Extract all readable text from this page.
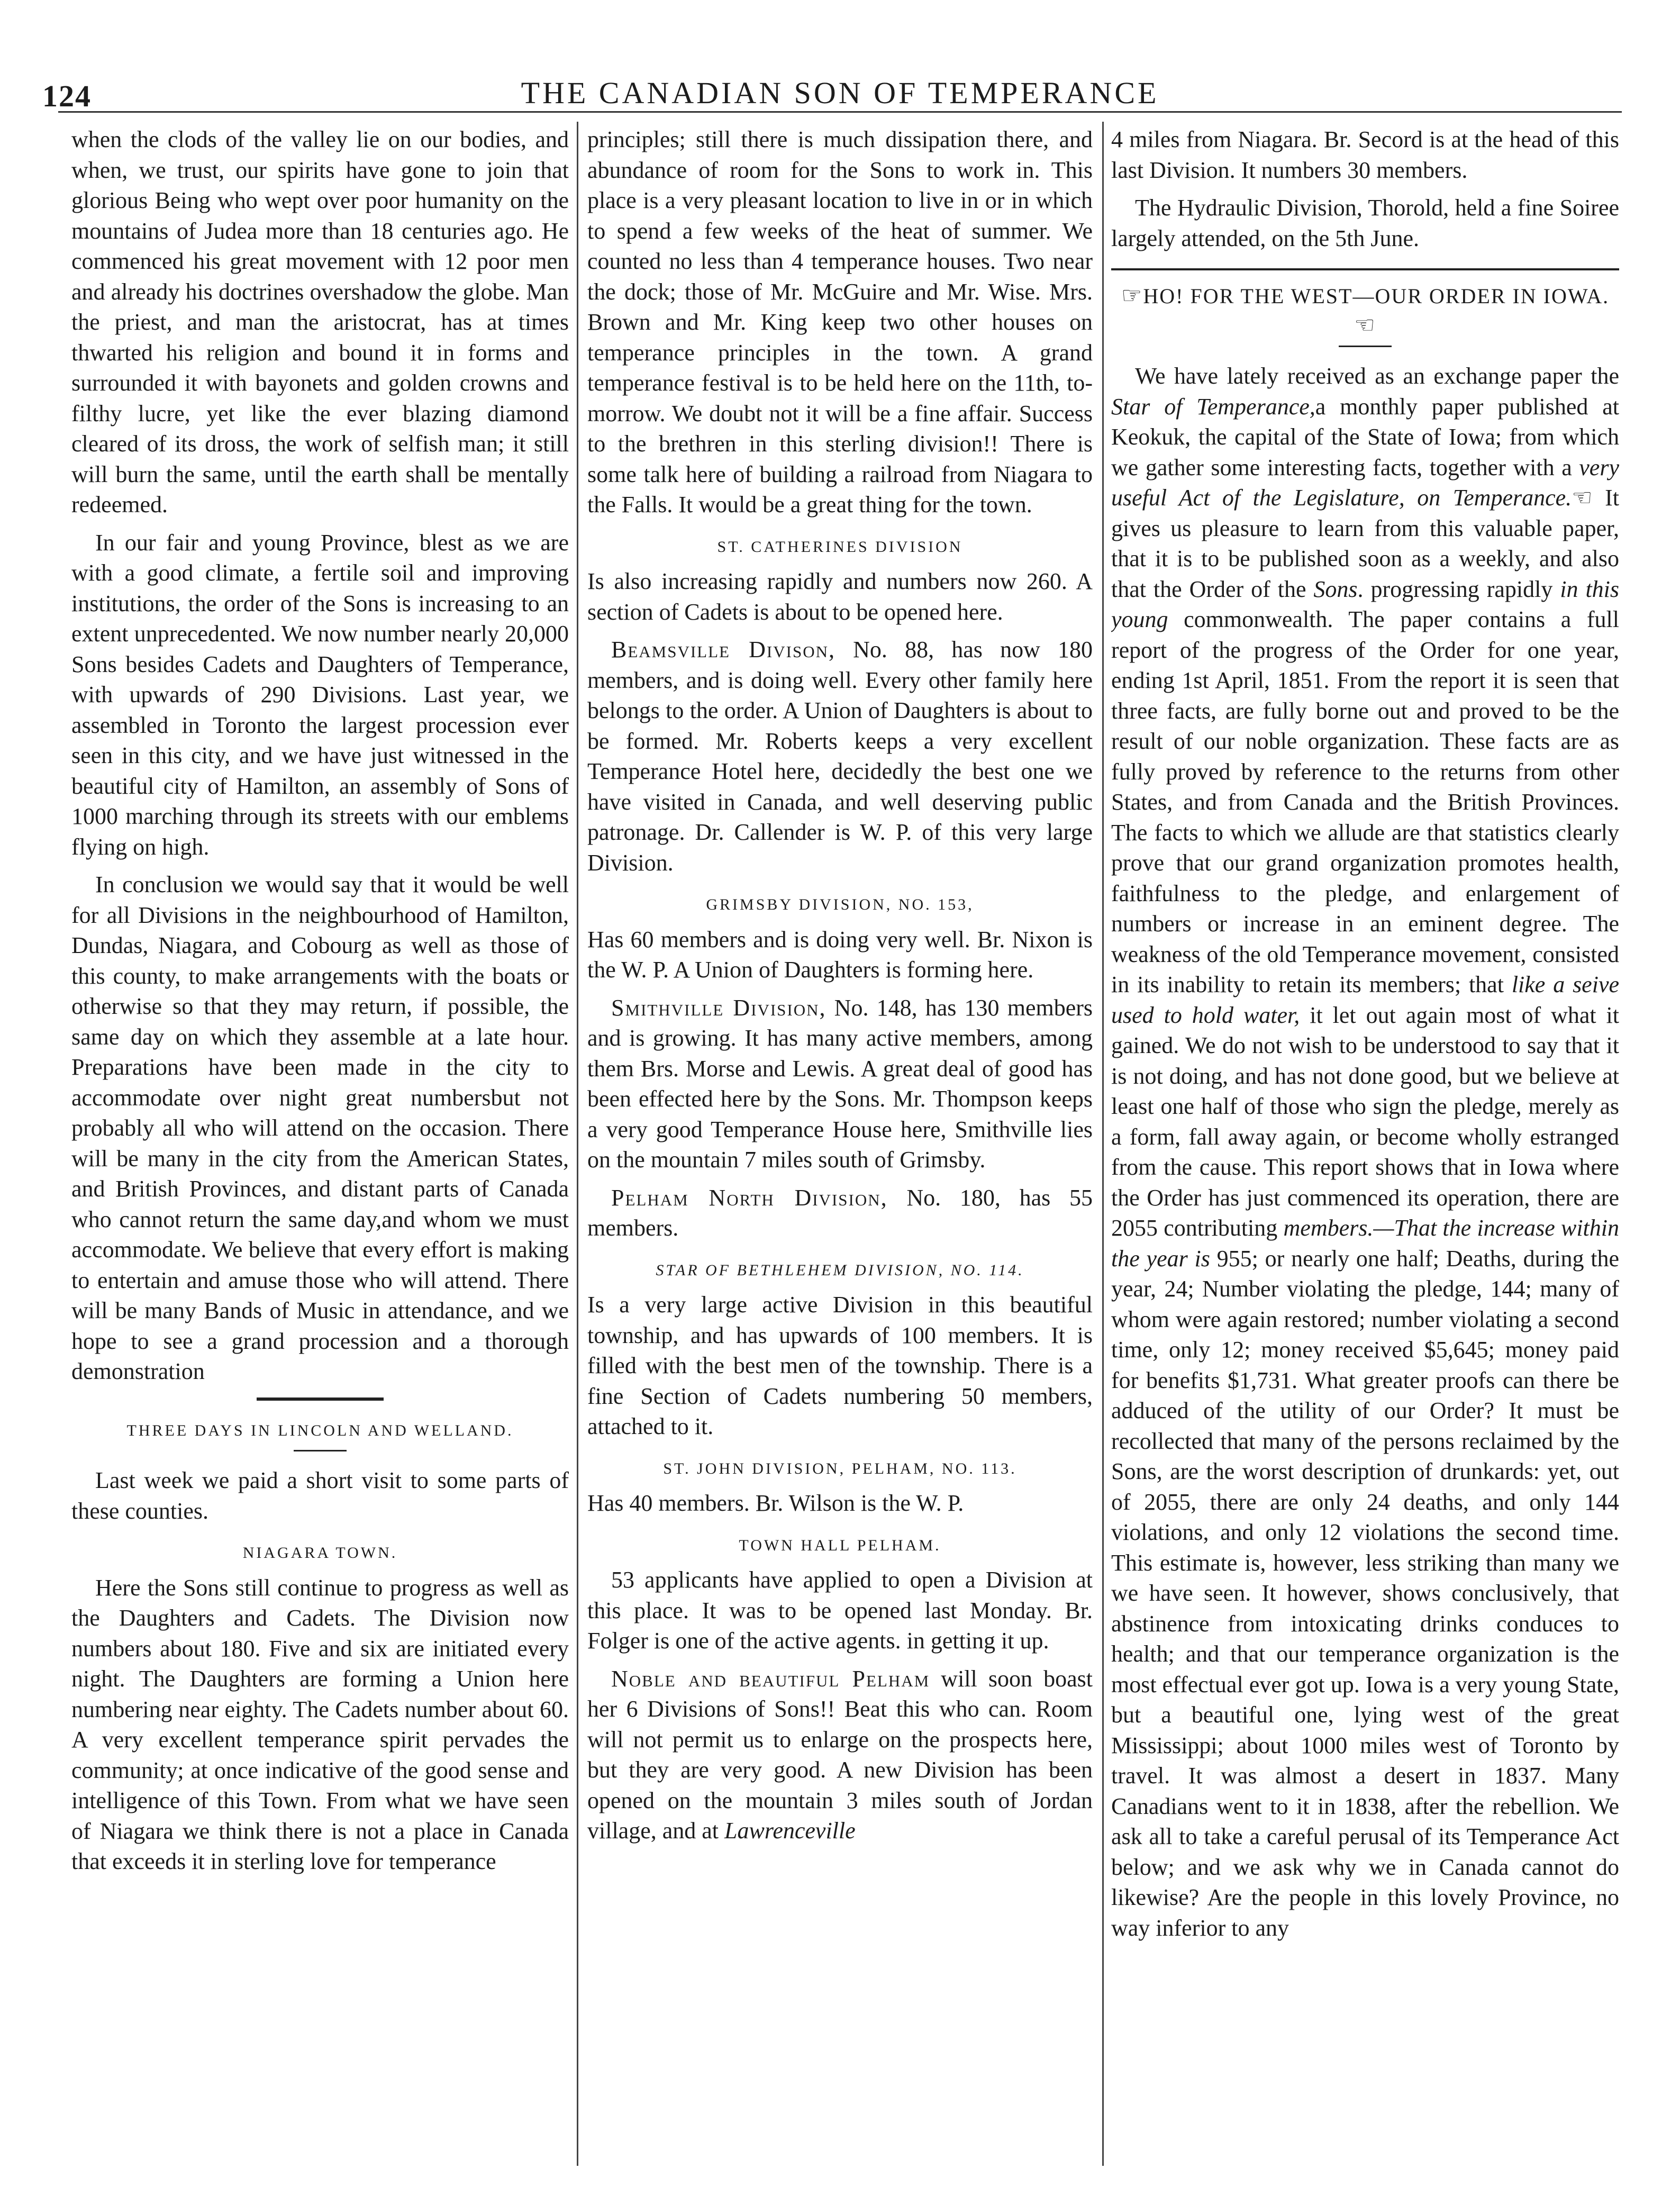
124	THE CANADIAN SON OF TEMPERANCE

when the clods of the valley lie on our bodies, and when, we trust, our spirits have gone to join that glorious Being who wept over poor humanity on the mountains of Judea more than 18 centuries ago. He commenced his great movement with 12 poor men and already his doctrines overshadow the globe. Man the priest, and man the aristocrat, has at times thwarted his religion and bound it in forms and surrounded it with bayonets and golden crowns and filthy lucre, yet like the ever blazing diamond cleared of its dross, the work of selfish man; it still will burn the same, until the earth shall be mentally redeemed.

In our fair and young Province, blest as we are with a good climate, a fertile soil and improving institutions, the order of the Sons is increasing to an extent unprecedented. We now number nearly 20,000 Sons besides Cadets and Daughters of Temperance, with upwards of 290 Divisions. Last year, we assembled in Toronto the largest procession ever seen in this city, and we have just witnessed in the beautiful city of Hamilton, an assembly of Sons of 1000 marching through its streets with our emblems flying on high.

In conclusion we would say that it would be well for all Divisions in the neighbourhood of Hamilton, Dundas, Niagara, and Cobourg as well as those of this county, to make arrangements with the boats or otherwise so that they may return, if possible, the same day on which they assemble at a late hour. Preparations have been made in the city to accommodate over night great numbersbut not probably all who will attend on the occasion. There will be many in the city from the American States, and British Provinces, and distant parts of Canada who cannot return the same day,and whom we must accommodate. We believe that every effort is making to entertain and amuse those who will attend. There will be many Bands of Music in attendance, and we hope to see a grand procession and a thorough demonstration

THREE DAYS IN LINCOLN AND WELLAND.

Last week we paid a short visit to some parts of these counties.

NIAGARA TOWN.

Here the Sons still continue to progress as well as the Daughters and Cadets. The Division now numbers about 180. Five and six are initiated every night. The Daughters are forming a Union here numbering near eighty. The Cadets number about 60. A very excellent temperance spirit pervades the community; at once indicative of the good sense and intelligence of this Town. From what we have seen of Niagara we think there is not a place in Canada that exceeds it in sterling love for temperance

principles; still there is much dissipation there, and abundance of room for the Sons to work in. This place is a very pleasant location to live in or in which to spend a few weeks of the heat of summer. We counted no less than 4 temperance houses. Two near the dock; those of Mr. McGuire and Mr. Wise. Mrs. Brown and Mr. King keep two other houses on temperance principles in the town. A grand temperance festival is to be held here on the 11th, to-morrow. We doubt not it will be a fine affair. Success to the brethren in this sterling division!! There is some talk here of building a railroad from Niagara to the Falls. It would be a great thing for the town.

ST. CATHERINES DIVISION

Is also increasing rapidly and numbers now 260. A section of Cadets is about to be opened here.

Beamsville Divison, No. 88, has now 180 members, and is doing well. Every other family here belongs to the order. A Union of Daughters is about to be formed. Mr. Roberts keeps a very excellent Temperance Hotel here, decidedly the best one we have visited in Canada, and well deserving public patronage. Dr. Callender is W. P. of this very large Division.

GRIMSBY DIVISION, NO. 153,

Has 60 members and is doing very well. Br. Nixon is the W. P. A Union of Daughters is forming here.

Smithville Division, No. 148, has 130 members and is growing. It has many active members, among them Brs. Morse and Lewis. A great deal of good has been effected here by the Sons. Mr. Thompson keeps a very good Temperance House here, Smithville lies on the mountain 7 miles south of Grimsby.

Pelham North Division, No. 180, has 55 members.

STAR OF BETHLEHEM DIVISION, NO. 114.

Is a very large active Division in this beautiful township, and has upwards of 100 members. It is filled with the best men of the township. There is a fine Section of Cadets numbering 50 members, attached to it.

ST. JOHN DIVISION, PELHAM, NO. 113.

Has 40 members. Br. Wilson is the W. P.

TOWN HALL PELHAM.

53 applicants have applied to open a Division at this place. It was to be opened last Monday. Br. Folger is one of the active agents. in getting it up.

Noble and beautiful Pelham will soon boast her 6 Divisions of Sons!! Beat this who can. Room will not permit us to enlarge on the prospects here, but they are very good. A new Division has been opened on the mountain 3 miles south of Jordan village, and at Lawrenceville

4 miles from Niagara. Br. Secord is at the head of this last Division. It numbers 30 members.

The Hydraulic Division, Thorold, held a fine Soiree largely attended, on the 5th June.

☞HO! FOR THE WEST—OUR ORDER IN IOWA.☜

We have lately received as an exchange paper the Star of Temperance,a monthly paper published at Keokuk, the capital of the State of Iowa; from which we gather some interesting facts, together with a very useful Act of the Legislature, on Temperance.☜ It gives us pleasure to learn from this valuable paper, that it is to be published soon as a weekly, and also that the Order of the Sons. progressing rapidly in this young commonwealth. The paper contains a full report of the progress of the Order for one year, ending 1st April, 1851. From the report it is seen that three facts, are fully borne out and proved to be the result of our noble organization. These facts are as fully proved by reference to the returns from other States, and from Canada and the British Provinces. The facts to which we allude are that statistics clearly prove that our grand organization promotes health, faithfulness to the pledge, and enlargement of numbers or increase in an eminent degree. The weakness of the old Temperance movement, consisted in its inability to retain its members; that like a seive used to hold water, it let out again most of what it gained. We do not wish to be understood to say that it is not doing, and has not done good, but we believe at least one half of those who sign the pledge, merely as a form, fall away again, or become wholly estranged from the cause. This report shows that in Iowa where the Order has just commenced its operation, there are 2055 contributing members.—That the increase within the year is 955; or nearly one half; Deaths, during the year, 24; Number violating the pledge, 144; many of whom were again restored; number violating a second time, only 12; money received $5,645; money paid for benefits $1,731. What greater proofs can there be adduced of the utility of our Order? It must be recollected that many of the persons reclaimed by the Sons, are the worst description of drunkards: yet, out of 2055, there are only 24 deaths, and only 144 violations, and only 12 violations the second time. This estimate is, however, less striking than many we we have seen. It however, shows conclusively, that abstinence from intoxicating drinks conduces to health; and that our temperance organization is the most effectual ever got up. Iowa is a very young State, but a beautiful one, lying west of the great Mississippi; about 1000 miles west of Toronto by travel. It was almost a desert in 1837. Many Canadians went to it in 1838, after the rebellion. We ask all to take a careful perusal of its Temperance Act below; and we ask why we in Canada cannot do likewise? Are the people in this lovely Province, no way inferior to any
